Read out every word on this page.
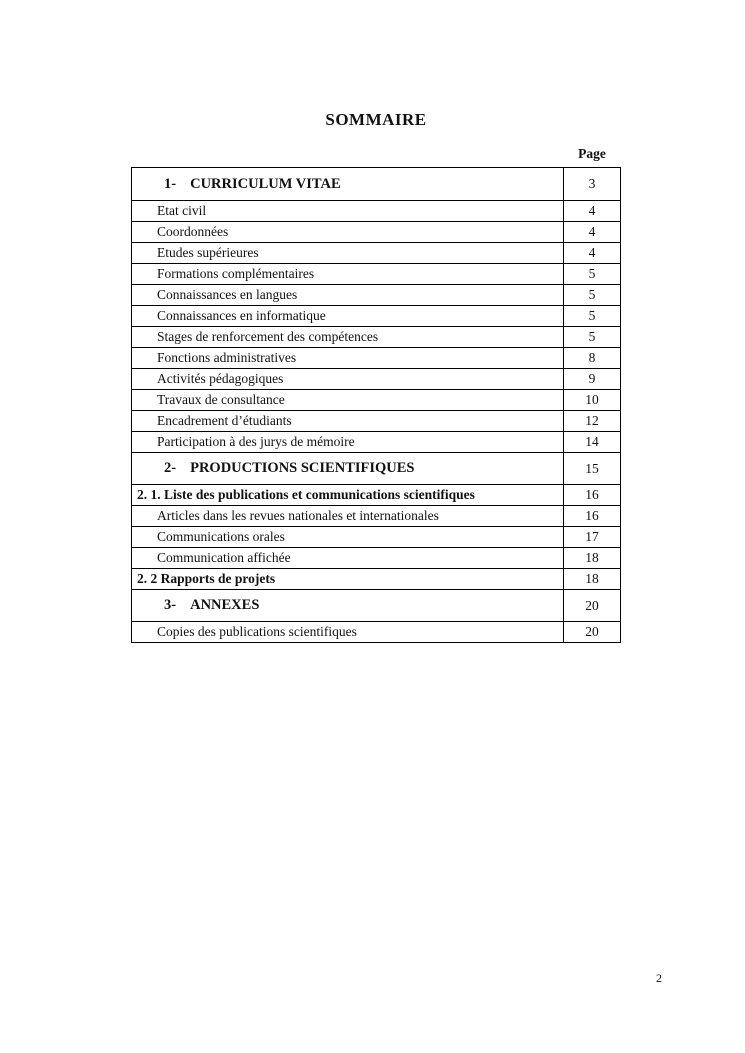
SOMMAIRE
Page
1- CURRICULUM VITAE	3
Etat civil	4
Coordonnées	4
Etudes supérieures	4
Formations complémentaires	5
Connaissances en langues	5
Connaissances en informatique	5
Stages de renforcement des compétences	5
Fonctions administratives	8
Activités pédagogiques	9
Travaux de consultance	10
Encadrement d’étudiants	12
Participation à des jurys de mémoire	14
2- PRODUCTIONS SCIENTIFIQUES	15
2. 1. Liste des publications et communications scientifiques	16
Articles dans les revues nationales et internationales	16
Communications orales	17
Communication affichée	18
2. 2 Rapports de projets	18
3- ANNEXES	20
Copies des publications scientifiques	20
2
